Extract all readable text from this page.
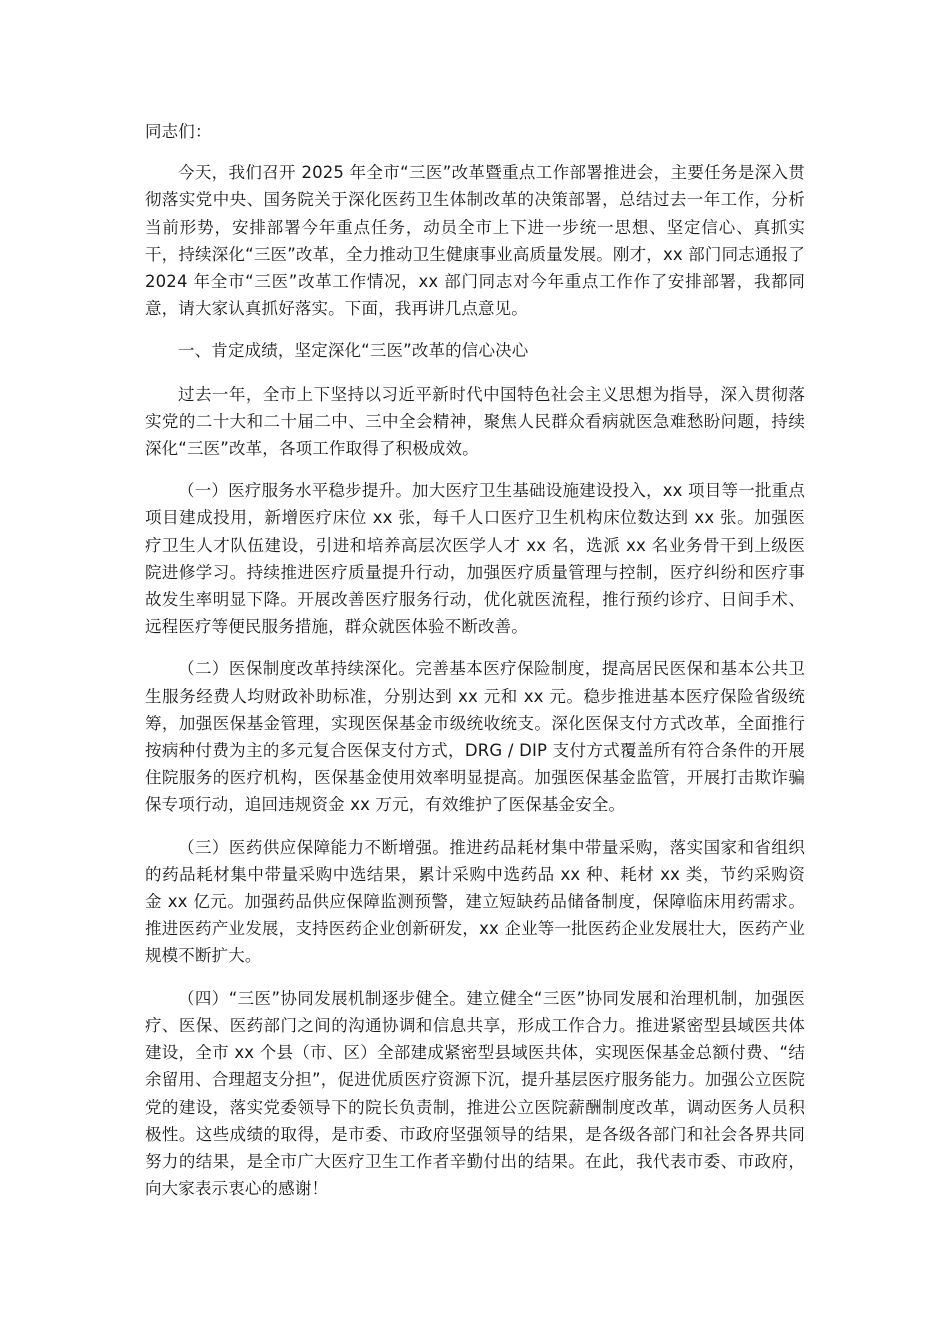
同志们：

今天，我们召开 2025 年全市“三医”改革暨重点工作部署推进会，主要任务是深入贯彻落实党中央、国务院关于深化医药卫生体制改革的决策部署，总结过去一年工作，分析当前形势，安排部署今年重点任务，动员全市上下进一步统一思想、坚定信心、真抓实干，持续深化“三医”改革，全力推动卫生健康事业高质量发展。刚才，xx 部门同志通报了 2024 年全市“三医”改革工作情况，xx 部门同志对今年重点工作作了安排部署，我都同意，请大家认真抓好落实。下面，我再讲几点意见。

一、肯定成绩，坚定深化“三医”改革的信心决心

过去一年，全市上下坚持以习近平新时代中国特色社会主义思想为指导，深入贯彻落实党的二十大和二十届二中、三中全会精神，聚焦人民群众看病就医急难愁盼问题，持续深化“三医”改革，各项工作取得了积极成效。

（一）医疗服务水平稳步提升。加大医疗卫生基础设施建设投入，xx 项目等一批重点项目建成投用，新增医疗床位 xx 张，每千人口医疗卫生机构床位数达到 xx 张。加强医疗卫生人才队伍建设，引进和培养高层次医学人才 xx 名，选派 xx 名业务骨干到上级医院进修学习。持续推进医疗质量提升行动，加强医疗质量管理与控制，医疗纠纷和医疗事故发生率明显下降。开展改善医疗服务行动，优化就医流程，推行预约诊疗、日间手术、远程医疗等便民服务措施，群众就医体验不断改善。

（二）医保制度改革持续深化。完善基本医疗保险制度，提高居民医保和基本公共卫生服务经费人均财政补助标准，分别达到 xx 元和 xx 元。稳步推进基本医疗保险省级统筹，加强医保基金管理，实现医保基金市级统收统支。深化医保支付方式改革，全面推行按病种付费为主的多元复合医保支付方式，DRG / DIP 支付方式覆盖所有符合条件的开展住院服务的医疗机构，医保基金使用效率明显提高。加强医保基金监管，开展打击欺诈骗保专项行动，追回违规资金 xx 万元，有效维护了医保基金安全。

（三）医药供应保障能力不断增强。推进药品耗材集中带量采购，落实国家和省组织的药品耗材集中带量采购中选结果，累计采购中选药品 xx 种、耗材 xx 类，节约采购资金 xx 亿元。加强药品供应保障监测预警，建立短缺药品储备制度，保障临床用药需求。推进医药产业发展，支持医药企业创新研发，xx 企业等一批医药企业发展壮大，医药产业规模不断扩大。

（四）“三医”协同发展机制逐步健全。建立健全“三医”协同发展和治理机制，加强医疗、医保、医药部门之间的沟通协调和信息共享，形成工作合力。推进紧密型县域医共体建设，全市 xx 个县（市、区）全部建成紧密型县域医共体，实现医保基金总额付费、“结余留用、合理超支分担”，促进优质医疗资源下沉，提升基层医疗服务能力。加强公立医院党的建设，落实党委领导下的院长负责制，推进公立医院薪酬制度改革，调动医务人员积极性。这些成绩的取得，是市委、市政府坚强领导的结果，是各级各部门和社会各界共同努力的结果，是全市广大医疗卫生工作者辛勤付出的结果。在此，我代表市委、市政府，向大家表示衷心的感谢！
